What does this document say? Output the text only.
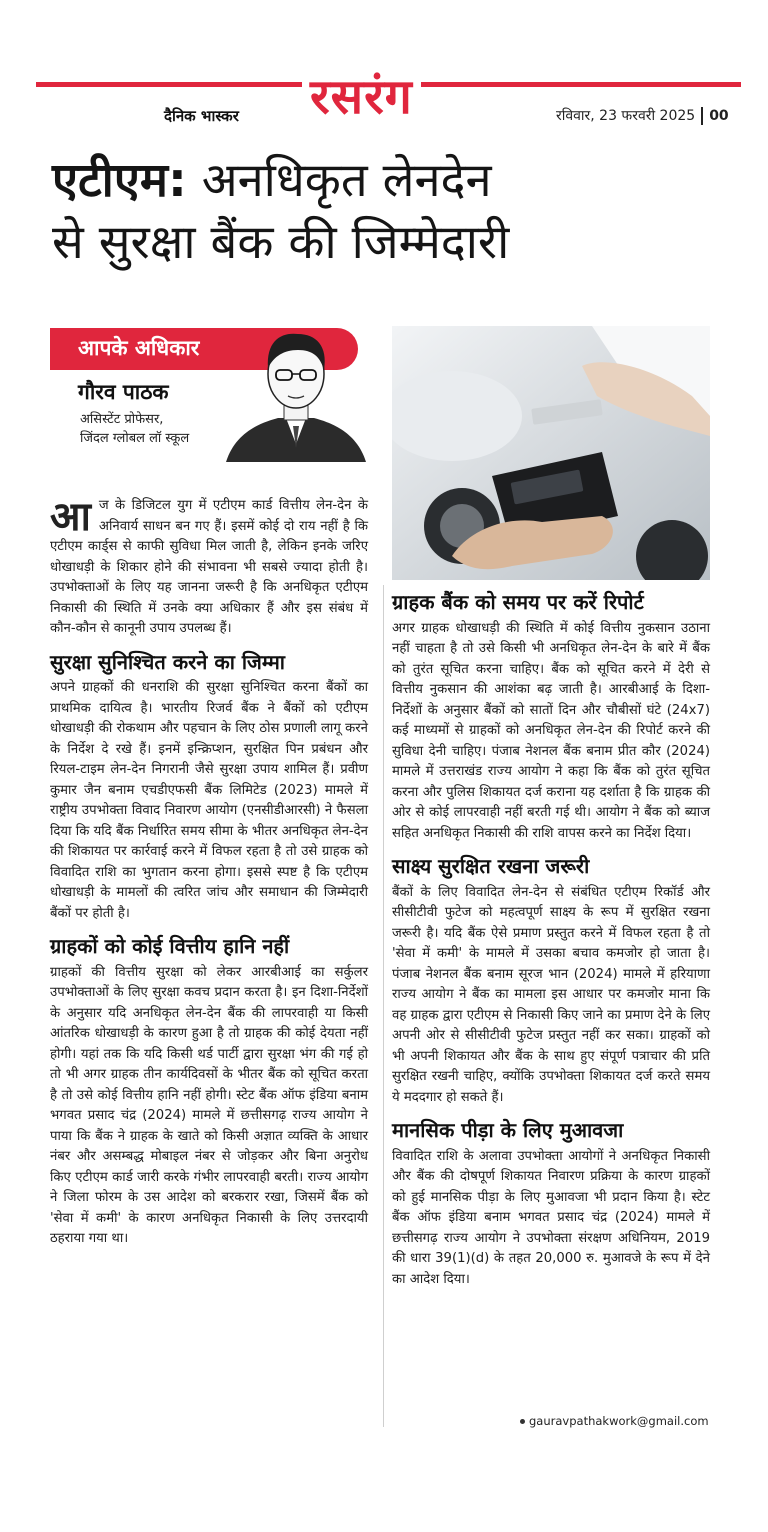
दैनिक भास्कर रसरंग	रविवार, 23 फरवरी 2025 00
एटीएम: अनधिकृत लेनदेन
से सुरक्षा बैंक की जिम्मेदारी
आपके अधिकार
गौरव पाठक
असिस्टेंट प्रोफेसर,
जिंदल ग्लोबल लॉ स्कूल

आज के डिजिटल युग में एटीएम कार्ड वित्तीय लेन-देन के अनिवार्य साधन बन गए हैं। इसमें कोई दो राय नहीं है कि एटीएम कार्ड्स से काफी सुविधा मिल जाती है, लेकिन इनके जरिए धोखाधड़ी के शिकार होने की संभावना भी सबसे ज्यादा होती है। उपभोक्ताओं के लिए यह जानना जरूरी है कि अनधिकृत एटीएम निकासी की स्थिति में उनके क्या अधिकार हैं और इस संबंध में कौन-कौन से कानूनी उपाय उपलब्ध हैं।

सुरक्षा सुनिश्चित करने का जिम्मा

अपने ग्राहकों की धनराशि की सुरक्षा सुनिश्चित करना बैंकों का प्राथमिक दायित्व है। भारतीय रिजर्व बैंक ने बैंकों को एटीएम धोखाधड़ी की रोकथाम और पहचान के लिए ठोस प्रणाली लागू करने के निर्देश दे रखे हैं। इनमें इन्क्रिप्शन, सुरक्षित पिन प्रबंधन और रियल-टाइम लेन-देन निगरानी जैसे सुरक्षा उपाय शामिल हैं। प्रवीण कुमार जैन बनाम एचडीएफसी बैंक लिमिटेड (2023) मामले में राष्ट्रीय उपभोक्ता विवाद निवारण आयोग (एनसीडीआरसी) ने फैसला दिया कि यदि बैंक निर्धारित समय सीमा के भीतर अनधिकृत लेन-देन की शिकायत पर कार्रवाई करने में विफल रहता है तो उसे ग्राहक को विवादित राशि का भुगतान करना होगा। इससे स्पष्ट है कि एटीएम धोखाधड़ी के मामलों की त्वरित जांच और समाधान की जिम्मेदारी बैंकों पर होती है।

ग्राहकों को कोई वित्तीय हानि नहीं

ग्राहकों की वित्तीय सुरक्षा को लेकर आरबीआई का सर्कुलर उपभोक्ताओं के लिए सुरक्षा कवच प्रदान करता है। इन दिशा-निर्देशों के अनुसार यदि अनधिकृत लेन-देन बैंक की लापरवाही या किसी आंतरिक धोखाधड़ी के कारण हुआ है तो ग्राहक की कोई देयता नहीं होगी। यहां तक कि यदि किसी थर्ड पार्टी द्वारा सुरक्षा भंग की गई हो तो भी अगर ग्राहक तीन कार्यदिवसों के भीतर बैंक को सूचित करता है तो उसे कोई वित्तीय हानि नहीं होगी। स्टेट बैंक ऑफ इंडिया बनाम भगवत प्रसाद चंद्र (2024) मामले में छत्तीसगढ़ राज्य आयोग ने पाया कि बैंक ने ग्राहक के खाते को किसी अज्ञात व्यक्ति के आधार नंबर और असम्बद्ध मोबाइल नंबर से जोड़कर और बिना अनुरोध किए एटीएम कार्ड जारी करके गंभीर लापरवाही बरती। राज्य आयोग ने जिला फोरम के उस आदेश को बरकरार रखा, जिसमें बैंक को 'सेवा में कमी' के कारण अनधिकृत निकासी के लिए उत्तरदायी ठहराया गया था।

ग्राहक बैंक को समय पर करें रिपोर्ट

अगर ग्राहक धोखाधड़ी की स्थिति में कोई वित्तीय नुकसान उठाना नहीं चाहता है तो उसे किसी भी अनधिकृत लेन-देन के बारे में बैंक को तुरंत सूचित करना चाहिए। बैंक को सूचित करने में देरी से वित्तीय नुकसान की आशंका बढ़ जाती है। आरबीआई के दिशा-निर्देशों के अनुसार बैंकों को सातों दिन और चौबीसों घंटे (24x7) कई माध्यमों से ग्राहकों को अनधिकृत लेन-देन की रिपोर्ट करने की सुविधा देनी चाहिए। पंजाब नेशनल बैंक बनाम प्रीत कौर (2024) मामले में उत्तराखंड राज्य आयोग ने कहा कि बैंक को तुरंत सूचित करना और पुलिस शिकायत दर्ज कराना यह दर्शाता है कि ग्राहक की ओर से कोई लापरवाही नहीं बरती गई थी। आयोग ने बैंक को ब्याज सहित अनधिकृत निकासी की राशि वापस करने का निर्देश दिया।

साक्ष्य सुरक्षित रखना जरूरी

बैंकों के लिए विवादित लेन-देन से संबंधित एटीएम रिकॉर्ड और सीसीटीवी फुटेज को महत्वपूर्ण साक्ष्य के रूप में सुरक्षित रखना जरूरी है। यदि बैंक ऐसे प्रमाण प्रस्तुत करने में विफल रहता है तो 'सेवा में कमी' के मामले में उसका बचाव कमजोर हो जाता है। पंजाब नेशनल बैंक बनाम सूरज भान (2024) मामले में हरियाणा राज्य आयोग ने बैंक का मामला इस आधार पर कमजोर माना कि वह ग्राहक द्वारा एटीएम से निकासी किए जाने का प्रमाण देने के लिए अपनी ओर से सीसीटीवी फुटेज प्रस्तुत नहीं कर सका। ग्राहकों को भी अपनी शिकायत और बैंक के साथ हुए संपूर्ण पत्राचार की प्रति सुरक्षित रखनी चाहिए, क्योंकि उपभोक्ता शिकायत दर्ज करते समय ये मददगार हो सकते हैं।

मानसिक पीड़ा के लिए मुआवजा

विवादित राशि के अलावा उपभोक्ता आयोगों ने अनधिकृत निकासी और बैंक की दोषपूर्ण शिकायत निवारण प्रक्रिया के कारण ग्राहकों को हुई मानसिक पीड़ा के लिए मुआवजा भी प्रदान किया है। स्टेट बैंक ऑफ इंडिया बनाम भगवत प्रसाद चंद्र (2024) मामले में छत्तीसगढ़ राज्य आयोग ने उपभोक्ता संरक्षण अधिनियम, 2019 की धारा 39(1)(d) के तहत 20,000 रु. मुआवजे के रूप में देने का आदेश दिया।

gauravpathakwork@gmail.com
